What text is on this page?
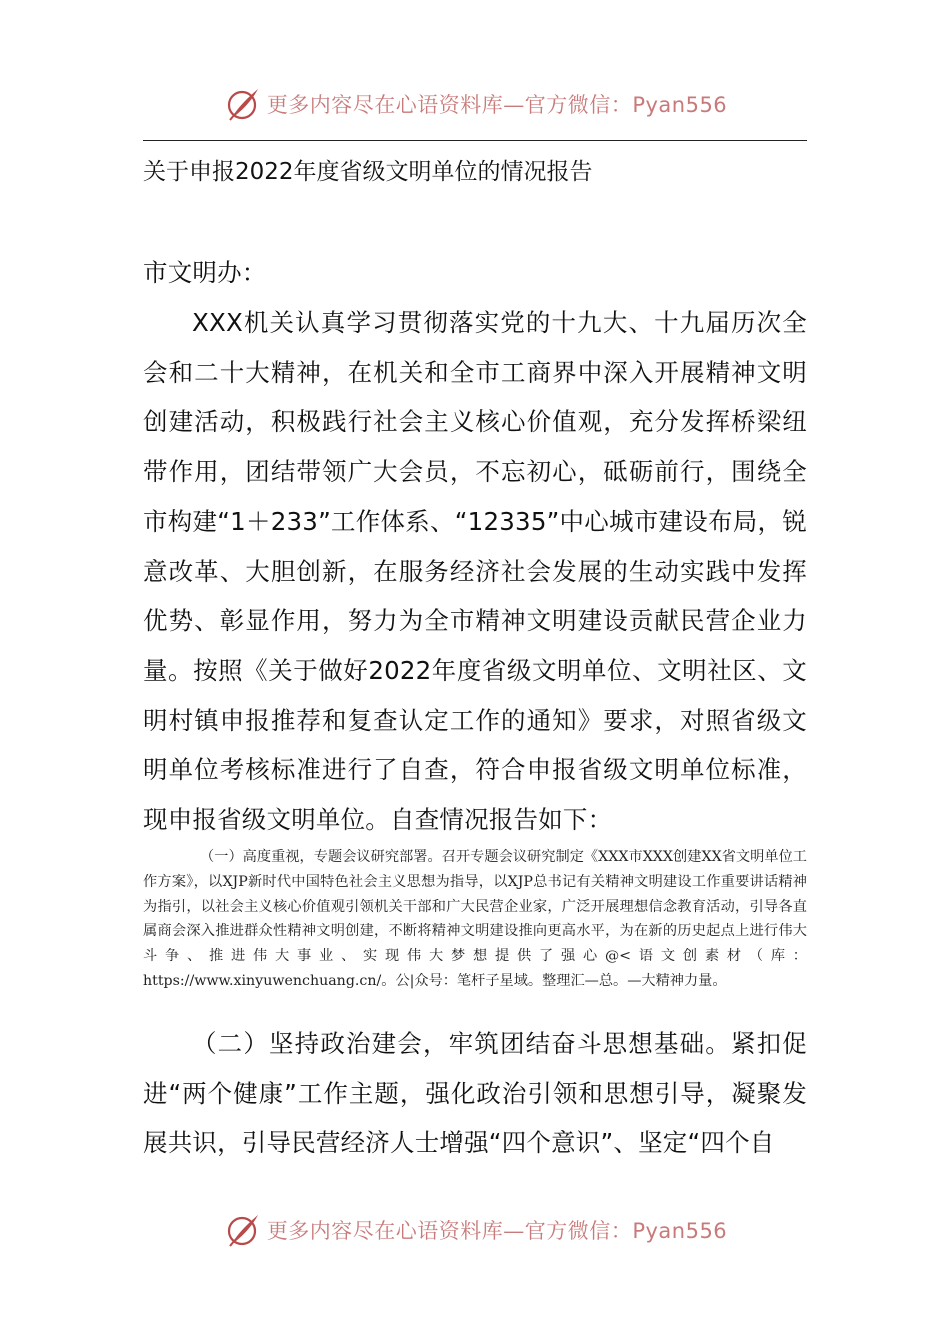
更多内容尽在心语资料库—官方微信：Pyan556
关于申报2022年度省级文明单位的情况报告
市文明办：
XXX机关认真学习贯彻落实党的十九大、十九届历次全会和二十大精神，在机关和全市工商界中深入开展精神文明创建活动，积极践行社会主义核心价值观，充分发挥桥梁纽带作用，团结带领广大会员，不忘初心，砥砺前行，围绕全市构建“1＋233”工作体系、“12335”中心城市建设布局，锐意改革、大胆创新，在服务经济社会发展的生动实践中发挥优势、彰显作用，努力为全市精神文明建设贡献民营企业力量。按照《关于做好2022年度省级文明单位、文明社区、文明村镇申报推荐和复查认定工作的通知》要求，对照省级文明单位考核标准进行了自查，符合申报省级文明单位标准，现申报省级文明单位。自查情况报告如下：
（一）高度重视，专题会议研究部署。召开专题会议研究制定《XXX市XXX创建XX省文明单位工作方案》，以XJP新时代中国特色社会主义思想为指导，以XJP总书记有关精神文明建设工作重要讲话精神为指引，以社会主义核心价值观引领机关干部和广大民营企业家，广泛开展理想信念教育活动，引导各直属商会深入推进群众性精神文明创建，不断将精神文明建设推向更高水平，为在新的历史起点上进行伟大斗争、推进伟大事业、实现伟大梦想提供了强心@<语文创素材（库：https://www.xinyuwenchuang.cn/。公|众号：笔杆子星域。整理汇—总。—大精神力量。
（二）坚持政治建会，牢筑团结奋斗思想基础。紧扣促进“两个健康”工作主题，强化政治引领和思想引导，凝聚发展共识，引导民营经济人士增强“四个意识”、坚定“四个自
更多内容尽在心语资料库—官方微信：Pyan556
